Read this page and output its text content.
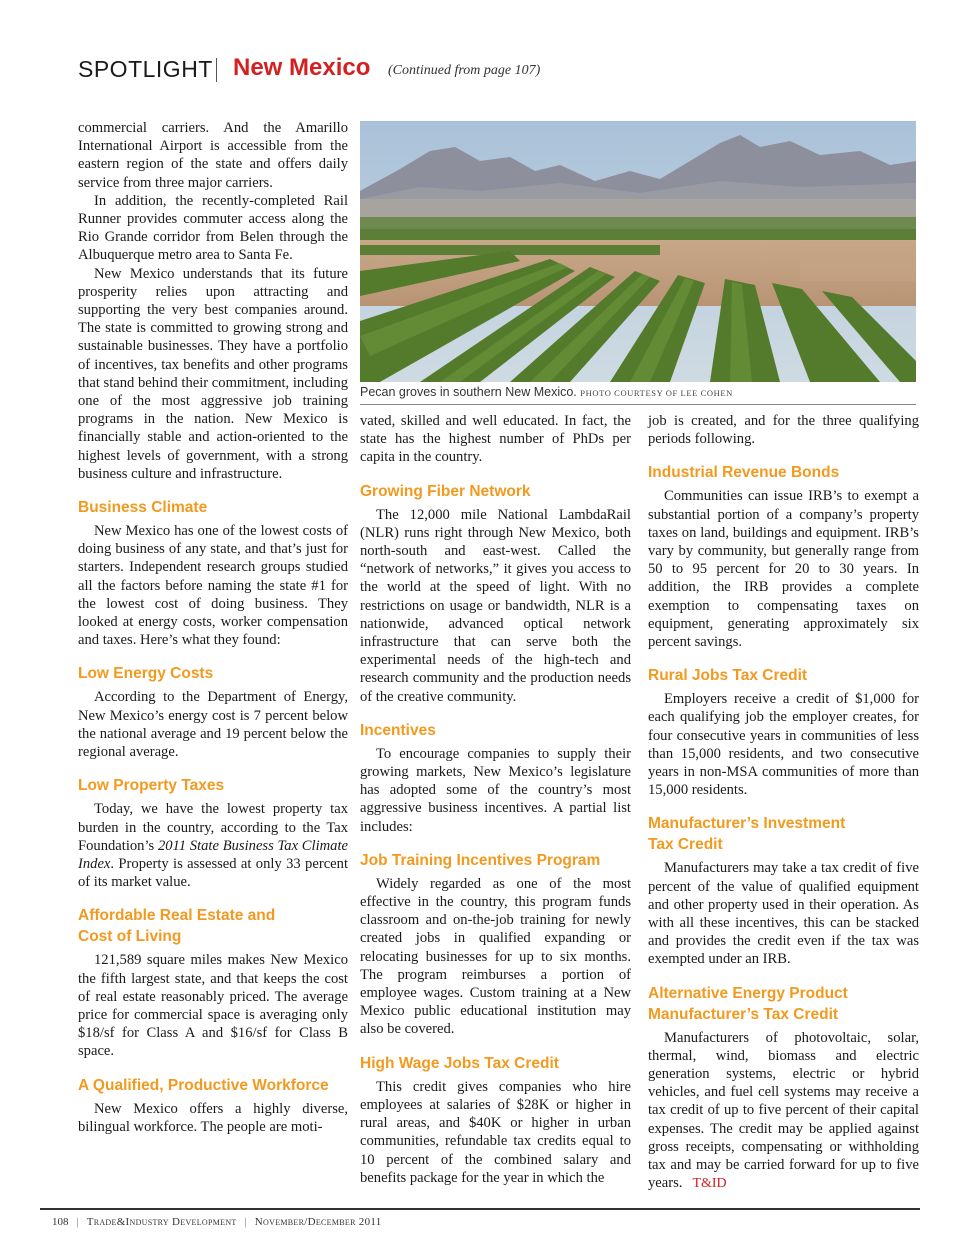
SPOTLIGHT New Mexico (Continued from page 107)

commercial carriers. And the Amarillo International Airport is accessible from the eastern region of the state and offers daily service from three major carriers.

In addition, the recently-completed Rail Runner provides commuter access along the Rio Grande corridor from Belen through the Albuquerque metro area to Santa Fe.

New Mexico understands that its future prosperity relies upon attracting and supporting the very best companies around. The state is committed to growing strong and sustainable businesses. They have a portfolio of incentives, tax benefits and other programs that stand behind their commitment, including one of the most aggressive job training programs in the nation. New Mexico is financially stable and action-oriented to the highest levels of government, with a strong business culture and infrastructure.

Business Climate

New Mexico has one of the lowest costs of doing business of any state, and that’s just for starters. Independent research groups studied all the factors before naming the state #1 for the lowest cost of doing business. They looked at energy costs, worker compensation and taxes. Here’s what they found:

Low Energy Costs

According to the Department of Energy, New Mexico’s energy cost is 7 percent below the national average and 19 percent below the regional average.

Low Property Taxes

Today, we have the lowest property tax burden in the country, according to the Tax Foundation’s 2011 State Business Tax Climate Index. Property is assessed at only 33 percent of its market value.

Affordable Real Estate and
Cost of Living

121,589 square miles makes New Mexico the fifth largest state, and that keeps the cost of real estate reasonably priced. The average price for commercial space is averaging only $18/sf for Class A and $16/sf for Class B space.

A Qualified, Productive Workforce

New Mexico offers a highly diverse, bilingual workforce. The people are moti-

Pecan groves in southern New Mexico. PHOTO COURTESY OF LEE COHEN

vated, skilled and well educated. In fact, the state has the highest number of PhDs per capita in the country.

Growing Fiber Network

The 12,000 mile National LambdaRail (NLR) runs right through New Mexico, both north-south and east-west. Called the “network of networks,” it gives you access to the world at the speed of light. With no restrictions on usage or bandwidth, NLR is a nationwide, advanced optical network infrastructure that can serve both the experimental needs of the high-tech and research community and the production needs of the creative community.

Incentives

To encourage companies to supply their growing markets, New Mexico’s legislature has adopted some of the country’s most aggressive business incentives. A partial list includes:

Job Training Incentives Program

Widely regarded as one of the most effective in the country, this program funds classroom and on-the-job training for newly created jobs in qualified expanding or relocating businesses for up to six months. The program reimburses a portion of employee wages. Custom training at a New Mexico public educational institution may also be covered.

High Wage Jobs Tax Credit

This credit gives companies who hire employees at salaries of $28K or higher in rural areas, and $40K or higher in urban communities, refundable tax credits equal to 10 percent of the combined salary and benefits package for the year in which the

job is created, and for the three qualifying periods following.

Industrial Revenue Bonds

Communities can issue IRB’s to exempt a substantial portion of a company’s property taxes on land, buildings and equipment. IRB’s vary by community, but generally range from 50 to 95 percent for 20 to 30 years. In addition, the IRB provides a complete exemption to compensating taxes on equipment, generating approximately six percent savings.

Rural Jobs Tax Credit

Employers receive a credit of $1,000 for each qualifying job the employer creates, for four consecutive years in communities of less than 15,000 residents, and two consecutive years in non-MSA communities of more than 15,000 residents.

Manufacturer’s Investment
Tax Credit

Manufacturers may take a tax credit of five percent of the value of qualified equipment and other property used in their operation. As with all these incentives, this can be stacked and provides the credit even if the tax was exempted under an IRB.

Alternative Energy Product
Manufacturer’s Tax Credit

Manufacturers of photovoltaic, solar, thermal, wind, biomass and electric generation systems, electric or hybrid vehicles, and fuel cell systems may receive a tax credit of up to five percent of their capital expenses. The credit may be applied against gross receipts, compensating or withholding tax and may be carried forward for up to five years. T&ID

108 | Trade&Industry Development | November/December 2011
